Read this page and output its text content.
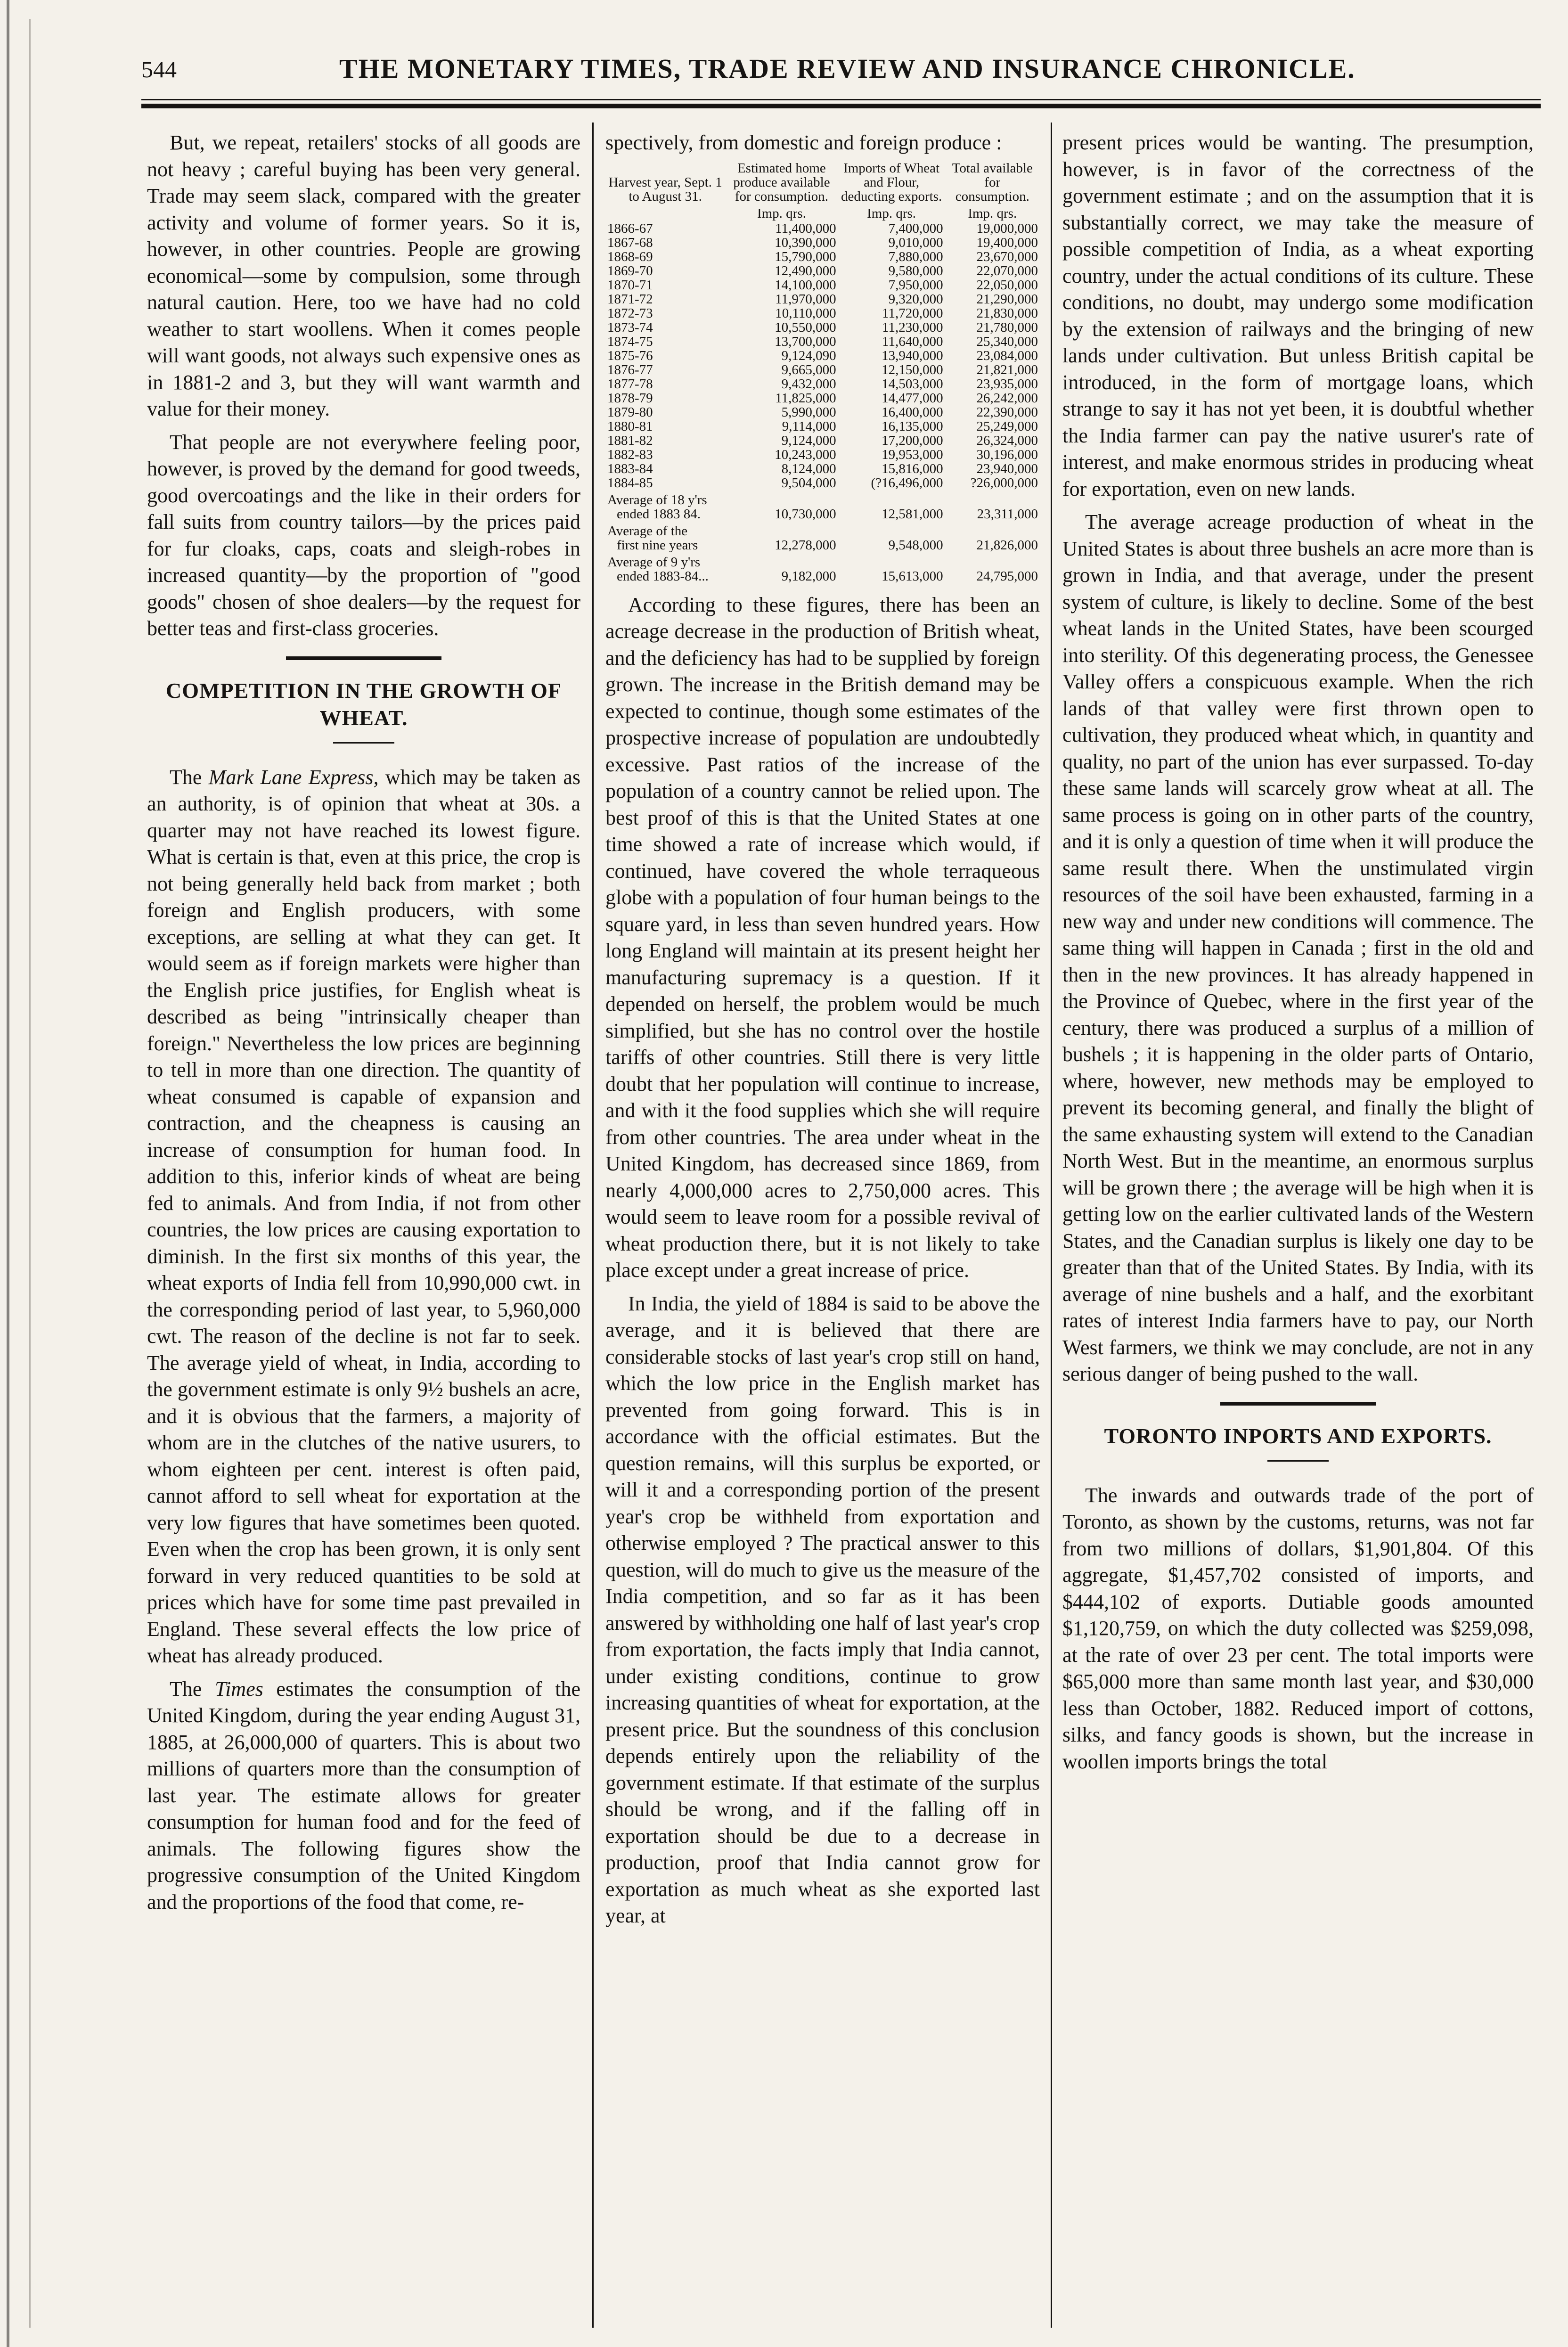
544	THE MONETARY TIMES, TRADE REVIEW AND INSURANCE CHRONICLE.

But, we repeat, retailers' stocks of all goods are not heavy ; careful buying has been very general. Trade may seem slack, compared with the greater activity and volume of former years. So it is, however, in other countries. People are growing economical—some by compulsion, some through natural caution. Here, too we have had no cold weather to start woollens. When it comes people will want goods, not always such expensive ones as in 1881-2 and 3, but they will want warmth and value for their money.

That people are not everywhere feeling poor, however, is proved by the demand for good tweeds, good overcoatings and the like in their orders for fall suits from country tailors—by the prices paid for fur cloaks, caps, coats and sleigh-robes in increased quantity—by the proportion of "good goods" chosen of shoe dealers—by the request for better teas and first-class groceries.

COMPETITION IN THE GROWTH OF WHEAT.

The Mark Lane Express, which may be taken as an authority, is of opinion that wheat at 30s. a quarter may not have reached its lowest figure. What is certain is that, even at this price, the crop is not being generally held back from market ; both foreign and English producers, with some exceptions, are selling at what they can get. It would seem as if foreign markets were higher than the English price justifies, for English wheat is described as being "intrinsically cheaper than foreign." Nevertheless the low prices are beginning to tell in more than one direction. The quantity of wheat consumed is capable of expansion and contraction, and the cheapness is causing an increase of consumption for human food. In addition to this, inferior kinds of wheat are being fed to animals. And from India, if not from other countries, the low prices are causing exportation to diminish. In the first six months of this year, the wheat exports of India fell from 10,990,000 cwt. in the corresponding period of last year, to 5,960,000 cwt. The reason of the decline is not far to seek. The average yield of wheat, in India, according to the government estimate is only 9½ bushels an acre, and it is obvious that the farmers, a majority of whom are in the clutches of the native usurers, to whom eighteen per cent. interest is often paid, cannot afford to sell wheat for exportation at the very low figures that have sometimes been quoted. Even when the crop has been grown, it is only sent forward in very reduced quantities to be sold at prices which have for some time past prevailed in England. These several effects the low price of wheat has already produced.

The Times estimates the consumption of the United Kingdom, during the year ending August 31, 1885, at 26,000,000 of quarters. This is about two millions of quarters more than the consumption of last year. The estimate allows for greater consumption for human food and for the feed of animals. The following figures show the progressive consumption of the United Kingdom and the proportions of the food that come, re-

spectively, from domestic and foreign produce :

Harvest year, Sept. 1 to August 31.	Estimated home produce available for consumption.	Imports of Wheat and Flour, deducting exports.	Total available for consumption.
	Imp. qrs.	Imp. qrs.	Imp. qrs.
1866-67	11,400,000	7,400,000	19,000,000
1867-68	10,390,000	9,010,000	19,400,000
1868-69	15,790,000	7,880,000	23,670,000
1869-70	12,490,000	9,580,000	22,070,000
1870-71	14,100,000	7,950,000	22,050,000
1871-72	11,970,000	9,320,000	21,290,000
1872-73	10,110,000	11,720,000	21,830,000
1873-74	10,550,000	11,230,000	21,780,000
1874-75	13,700,000	11,640,000	25,340,000
1875-76	9,124,090	13,940,000	23,084,000
1876-77	9,665,000	12,150,000	21,821,000
1877-78	9,432,000	14,503,000	23,935,000
1878-79	11,825,000	14,477,000	26,242,000
1879-80	5,990,000	16,400,000	22,390,000
1880-81	9,114,000	16,135,000	25,249,000
1881-82	9,124,000	17,200,000	26,324,000
1882-83	10,243,000	19,953,000	30,196,000
1883-84	8,124,000	15,816,000	23,940,000
1884-85	9,504,000	(?16,496,000	?26,000,000
Average of 18 y'rs			
ended 1883 84.	10,730,000	12,581,000	23,311,000
Average of the			
first nine years	12,278,000	9,548,000	21,826,000
Average of 9 y'rs			
ended 1883-84...	9,182,000	15,613,000	24,795,000

According to these figures, there has been an acreage decrease in the production of British wheat, and the deficiency has had to be supplied by foreign grown. The increase in the British demand may be expected to continue, though some estimates of the prospective increase of population are undoubtedly excessive. Past ratios of the increase of the population of a country cannot be relied upon. The best proof of this is that the United States at one time showed a rate of increase which would, if continued, have covered the whole terraqueous globe with a population of four human beings to the square yard, in less than seven hundred years. How long England will maintain at its present height her manufacturing supremacy is a question. If it depended on herself, the problem would be much simplified, but she has no control over the hostile tariffs of other countries. Still there is very little doubt that her population will continue to increase, and with it the food supplies which she will require from other countries. The area under wheat in the United Kingdom, has decreased since 1869, from nearly 4,000,000 acres to 2,750,000 acres. This would seem to leave room for a possible revival of wheat production there, but it is not likely to take place except under a great increase of price.

In India, the yield of 1884 is said to be above the average, and it is believed that there are considerable stocks of last year's crop still on hand, which the low price in the English market has prevented from going forward. This is in accordance with the official estimates. But the question remains, will this surplus be exported, or will it and a corresponding portion of the present year's crop be withheld from exportation and otherwise employed ? The practical answer to this question, will do much to give us the measure of the India competition, and so far as it has been answered by withholding one half of last year's crop from exportation, the facts imply that India cannot, under existing conditions, continue to grow increasing quantities of wheat for exportation, at the present price. But the soundness of this conclusion depends entirely upon the reliability of the government estimate. If that estimate of the surplus should be wrong, and if the falling off in exportation should be due to a decrease in production, proof that India cannot grow for exportation as much wheat as she exported last year, at

present prices would be wanting. The presumption, however, is in favor of the correctness of the government estimate ; and on the assumption that it is substantially correct, we may take the measure of possible competition of India, as a wheat exporting country, under the actual conditions of its culture. These conditions, no doubt, may undergo some modification by the extension of railways and the bringing of new lands under cultivation. But unless British capital be introduced, in the form of mortgage loans, which strange to say it has not yet been, it is doubtful whether the India farmer can pay the native usurer's rate of interest, and make enormous strides in producing wheat for exportation, even on new lands.

The average acreage production of wheat in the United States is about three bushels an acre more than is grown in India, and that average, under the present system of culture, is likely to decline. Some of the best wheat lands in the United States, have been scourged into sterility. Of this degenerating process, the Genessee Valley offers a conspicuous example. When the rich lands of that valley were first thrown open to cultivation, they produced wheat which, in quantity and quality, no part of the union has ever surpassed. To-day these same lands will scarcely grow wheat at all. The same process is going on in other parts of the country, and it is only a question of time when it will produce the same result there. When the unstimulated virgin resources of the soil have been exhausted, farming in a new way and under new conditions will commence. The same thing will happen in Canada ; first in the old and then in the new provinces. It has already happened in the Province of Quebec, where in the first year of the century, there was produced a surplus of a million of bushels ; it is happening in the older parts of Ontario, where, however, new methods may be employed to prevent its becoming general, and finally the blight of the same exhausting system will extend to the Canadian North West. But in the meantime, an enormous surplus will be grown there ; the average will be high when it is getting low on the earlier cultivated lands of the Western States, and the Canadian surplus is likely one day to be greater than that of the United States. By India, with its average of nine bushels and a half, and the exorbitant rates of interest India farmers have to pay, our North West farmers, we think we may conclude, are not in any serious danger of being pushed to the wall.

TORONTO INPORTS AND EXPORTS.

The inwards and outwards trade of the port of Toronto, as shown by the customs, returns, was not far from two millions of dollars, $1,901,804. Of this aggregate, $1,457,702 consisted of imports, and $444,102 of exports. Dutiable goods amounted $1,120,759, on which the duty collected was $259,098, at the rate of over 23 per cent. The total imports were $65,000 more than same month last year, and $30,000 less than October, 1882. Reduced import of cottons, silks, and fancy goods is shown, but the increase in woollen imports brings the total
